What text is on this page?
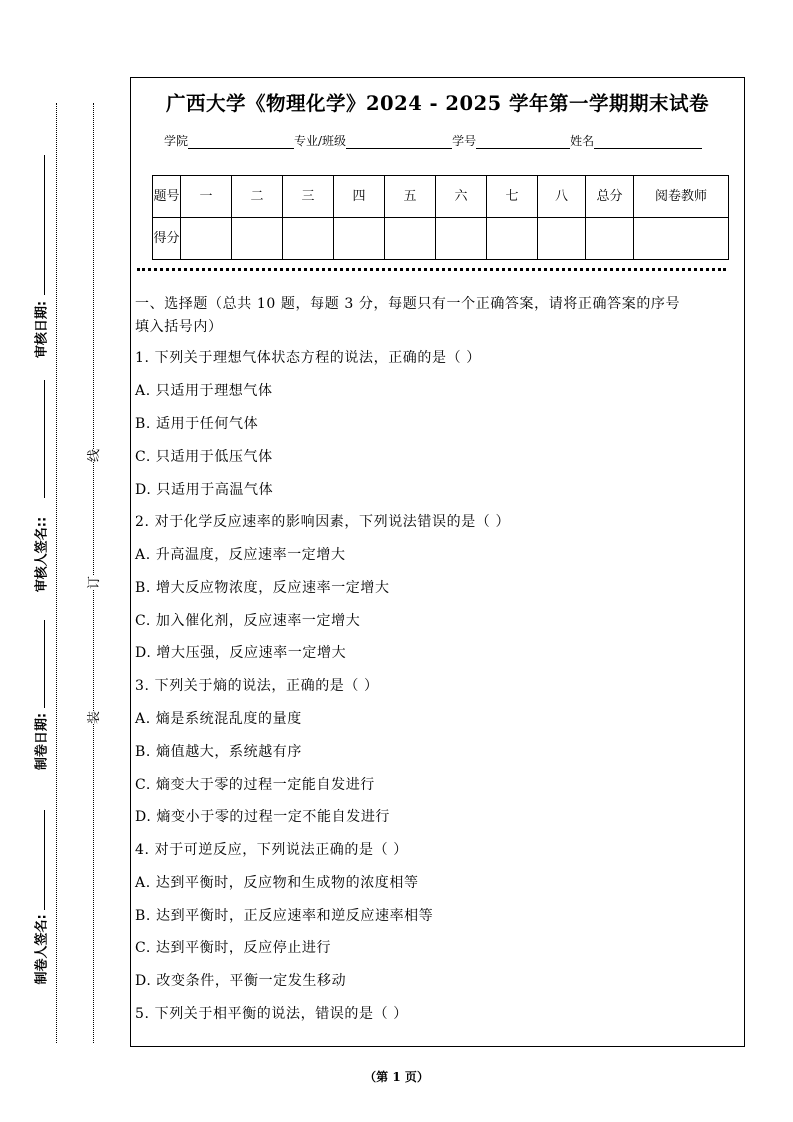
审核日期:
审核人签名::
制卷日期:
制卷人签名:
线
订
装
广西大学《物理化学》2024 - 2025 学年第一学期期末试卷
学院	专业/班级	学号	姓名
题号	一	二	三	四	五	六	七	八	总分	阅卷教师
得分										
一、选择题（总共 10 题，每题 3 分，每题只有一个正确答案，请将正确答案的序号
填入括号内）
1. 下列关于理想气体状态方程的说法，正确的是（ ）
A. 只适用于理想气体
B. 适用于任何气体
C. 只适用于低压气体
D. 只适用于高温气体
2. 对于化学反应速率的影响因素，下列说法错误的是（ ）
A. 升高温度，反应速率一定增大
B. 增大反应物浓度，反应速率一定增大
C. 加入催化剂，反应速率一定增大
D. 增大压强，反应速率一定增大
3. 下列关于熵的说法，正确的是（ ）
A. 熵是系统混乱度的量度
B. 熵值越大，系统越有序
C. 熵变大于零的过程一定能自发进行
D. 熵变小于零的过程一定不能自发进行
4. 对于可逆反应，下列说法正确的是（ ）
A. 达到平衡时，反应物和生成物的浓度相等
B. 达到平衡时，正反应速率和逆反应速率相等
C. 达到平衡时，反应停止进行
D. 改变条件，平衡一定发生移动
5. 下列关于相平衡的说法，错误的是（ ）
（第 1 页）
